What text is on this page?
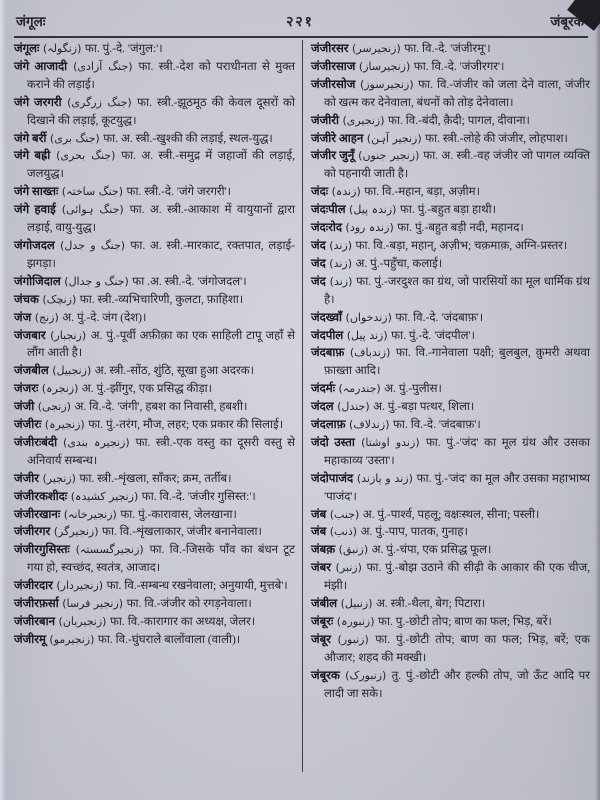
जंगूलः	२२१	जंबूरक

जंगूलः (زنگولہ) फा. पुं.-दे. 'जंगुल:'।

जंगे आजादी (جنگ آزادی) फा. स्त्री.-देश को पराधीनता से मुक्त कराने की लड़ाई।

जंगे जरगरी (جنگ زرگری) फा. स्त्री.-झूठमूठ की केवल दूसरों को दिखाने की लड़ाई, कूटयुद्ध।

जंगे बर्री (جنگ بری) फा. अ. स्त्री.-खुश्की की लड़ाई, स्थल-युद्ध।

जंगे बह्री (جنگ بحری) फा. अ. स्त्री.-समुद्र में जहाजों की लड़ाई, जलयुद्ध।

जंगे साख्तः (جنگ ساختہ) फा. स्त्री.-दे. 'जंगे जरगरी'।

जंगे हवाई (جنگ ہوائی) फा. अ. स्त्री.-आकाश में वायुयानों द्वारा लड़ाई, वायु-युद्ध।

जंगोजदल (جنگ و جدل) फा. अ. स्त्री.-मारकाट, रक्तपात, लड़ाई-झगड़ा।

जंगोजिदाल (جنگ و جدال) फा .अ. स्त्री.-दे. 'जंगोजदल'।

जंचक (زنچک) फा. स्त्री.-व्यभिचारिणी, कुलटा, फ़ाहिशा।

जंज (زنج) अ. पुं.-दे. जंग (देश)।

जंजबार (زنجبار) अ. पुं.-पूर्वी अफ़ीक़ा का एक साहिली टापू जहाँ से लौंग आती है।

जंजबील (زنجبیل) अ. स्त्री.-सोंठ, शुंठि, सूखा हुआ अदरक।

जंजरः (زنجرہ) अ. पुं.-झींगुर, एक प्रसिद्ध कीड़ा।

जंजी (زنجی) अ. वि.-दे. 'जंगी', हबश का निवासी, हबशी।

जंजीरः (زنجیرہ) फा. पुं.-तरंग, मौज, लहर; एक प्रकार की सिलाई।

जंजीरःबंदी (زنجیرہ بندی) फा. स्त्री.-एक वस्तु का दूसरी वस्तु से अनिवार्य सम्बन्ध।

जंजीर (زنجیر) फा. स्त्री.-शृंखला, साँकर; क्रम, तर्तीब।

जंजीरकशीदः (زنجیر کشیدہ) फा. वि.-दे. 'जंजीर गुसिस्त:'।

जंजीरखानः (زنجیرخانہ) फा. पुं.-कारावास, जेलखाना।

जंजीरगर (زنجیرگر) फा. वि.-शृंखलाकार, जंजीर बनानेवाला।

जंजीरगुसिस्तः (زنجیرگسستہ) फा. वि.-जिसके पाँव का बंधन टूट गया हो, स्वच्छंद, स्वतंत्र, आजाद।

जंजीरदार (زنجیردار) फा. वि.-सम्बन्ध रखनेवाला; अनुयायी, मुत्तबे'।

जंजीरफ़र्सा (زنجیر فرسا) फा. वि.-जंजीर को रगड़नेवाला।

जंजीरबान (زنجیربان) फा. वि.-कारागार का अध्यक्ष, जेलर।

जंजीरमू (زنجیرمو) फा. वि.-घुंघराले बालोंवाला (वाली)।

जंजीरसर (زنجیرسر) फा. वि.-दे. 'जंजीरमू'।

जंजीरसाज (زنجیرساز) फा. वि.-दे. 'जंजीरगर'।

जंजीरसोज (زنجیرسوز) फा. वि.-जंजीर को जला देने वाला, जंजीर को खत्म कर देनेवाला, बंधनों को तोड़ देनेवाला।

जंजीरी (زنجیری) फा. वि.-बंदी, क़ैदी; पागल, दीवाना।

जंजीरे आहन (زنجیر آہن) फा. स्त्री.-लोहे की जंजीर, लोहपाश।

जंजीर जुनूँ (زنجیر جنوں) फा. अ. स्त्री.-वह जंजीर जो पागल व्यक्ति को पहनायी जाती है।

जंदः (زندہ) फा. वि.-महान, बड़ा, अज़ीम।

जंदःपील (زندہ پیل) फा. पुं.-बहुत बड़ा हाथी।

जंदःरोद (زندہ رود) फा. पुं.-बहुत बड़ी नदी, महानद।

जंद (زند) फा. वि.-बड़ा, महान्, अज़ीभ; चक़माक़, अग्नि-प्रस्तर।

जंद (زند) अ. पुं.-पहुँचा, कलाई।

जंद (زند) फा. पुं.-जरदुश्त का ग्रंथ, जो पारसियों का मूल धार्मिक ग्रंथ है।

जंदख्वाँ (زندخواں) फा. वि.-दे. 'जंदबाफ़'।

जंदपील (زند پیل) फा. पुं.-दे. 'जंदपील'।

जंदबाफ़ (زندباف) फा. वि.-गानेवाला पक्षी; बुलबुल, क़ुमरी अथवा फ़ाख्ता आदि।

जंदर्मः (جندرمہ) अ. पुं.-पुलीस।

जंदल (جندل) अ. पुं.-बड़ा पत्थर, शिला।

जंदलाफ़ (زندلاف) फा. वि.-दे. 'जंदबाफ़'।

जंदो उस्ता (زندو اوشتا) फा. पुं.-'जंद' का मूल ग्रंथ और उसका महाकाव्य 'उस्ता'।

जंदोपाजंद (زند و پازند) फा. पुं.-'जंद' का मूल और उसका महाभाष्य 'पाजंद'।

जंब (جنب) अ. पुं.-पार्श्व, पहलू; वक्षःस्थल, सीना; पस्ली।

जंब (ذنب) अ. पुं.-पाप, पातक, गुनाह।

जंबक़ (زنبق) अ. पुं.-चंपा, एक प्रसिद्ध फूल।

जंबर (زنبر) फा. पुं.-बोझ उठाने की सीढ़ी के आकार की एक चीज, मंझी।

जंबील (زنبیل) अ. स्त्री.-थैला, बेग; पिटारा।

जंबूरः (زنبورہ) फा. पु.-छोटी तोप; बाण का फल; भिड़, बरें।

जंबूर (زنبور) फा. पुं.-छोटी तोप; बाण का फल; भिड़, बरें; एक औजार; शहद की मक्खी।

जंबूरक (زنبورک) तु. पुं.-छोटी और हल्की तोप, जो ऊँट आदि पर लादी जा सके।
